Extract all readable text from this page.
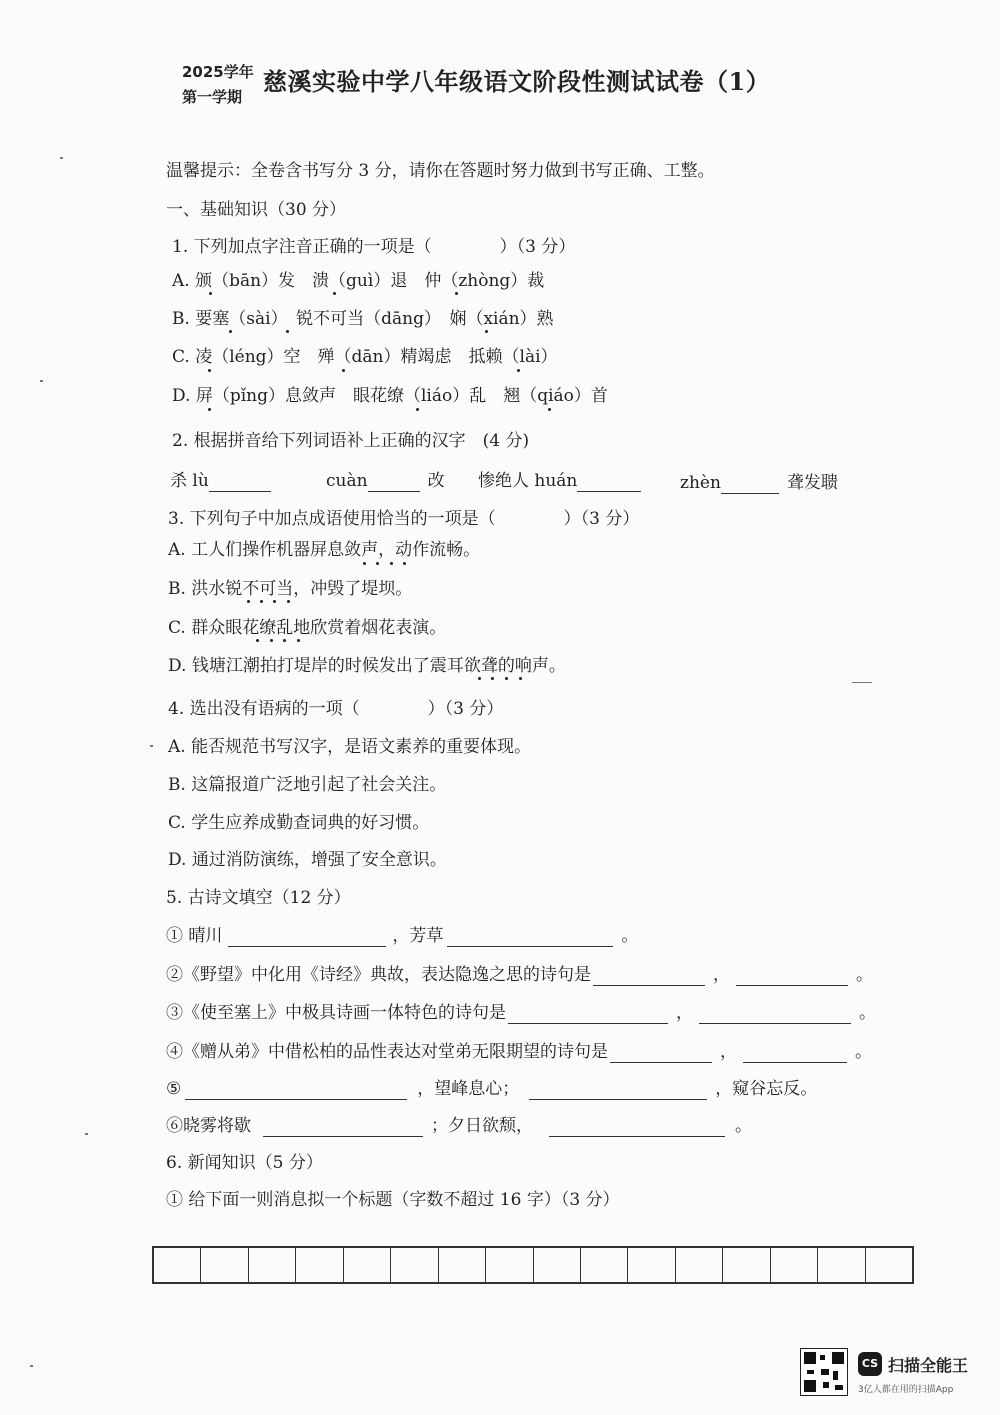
2025学年
第一学期
慈溪实验中学八年级语文阶段性测试试卷（1）
温馨提示：全卷含书写分 3 分，请你在答题时努力做到书写正确、工整。
一、基础知识（30 分）
1. 下列加点字注音正确的一项是（　　　　）（3 分）
A. 颁（bān）发　溃（guì）退　仲（zhòng）裁
B. 要塞（sài）　锐不可当（dāng）　娴（xián）熟
C. 凌（léng）空　殚（dān）精竭虑　抵赖（lài）
D. 屏（pǐng）息敛声　眼花缭（liáo）乱　翘（qiáo）首
2. 根据拼音给下列词语补上正确的汉字　(4 分)
杀 lù	cuàn	改 惨绝人 huán	zhèn	聋发聩
3. 下列句子中加点成语使用恰当的一项是（　　　　）（3 分）
A. 工人们操作机器屏息敛声，动作流畅。
B. 洪水锐不可当，冲毁了堤坝。
C. 群众眼花缭乱地欣赏着烟花表演。
D. 钱塘江潮拍打堤岸的时候发出了震耳欲聋的响声。
4. 选出没有语病的一项（　　　　）（3 分）
A. 能否规范书写汉字，是语文素养的重要体现。
B. 这篇报道广泛地引起了社会关注。
C. 学生应养成勤查词典的好习惯。
D. 通过消防演练，增强了安全意识。
5. 古诗文填空（12 分）
① 晴川	，芳草	。
②《野望》中化用《诗经》典故，表达隐逸之思的诗句是	，	。
③《使至塞上》中极具诗画一体特色的诗句是	，	。
④《赠从弟》中借松柏的品性表达对堂弟无限期望的诗句是	，	。
⑤	，望峰息心；	，窥谷忘反。
⑥晓雾将歇	；夕日欲颓，	。
6. 新闻知识（5 分）
① 给下面一则消息拟一个标题（字数不超过 16 字）（3 分）
CS 扫描全能王
3亿人都在用的扫描App
